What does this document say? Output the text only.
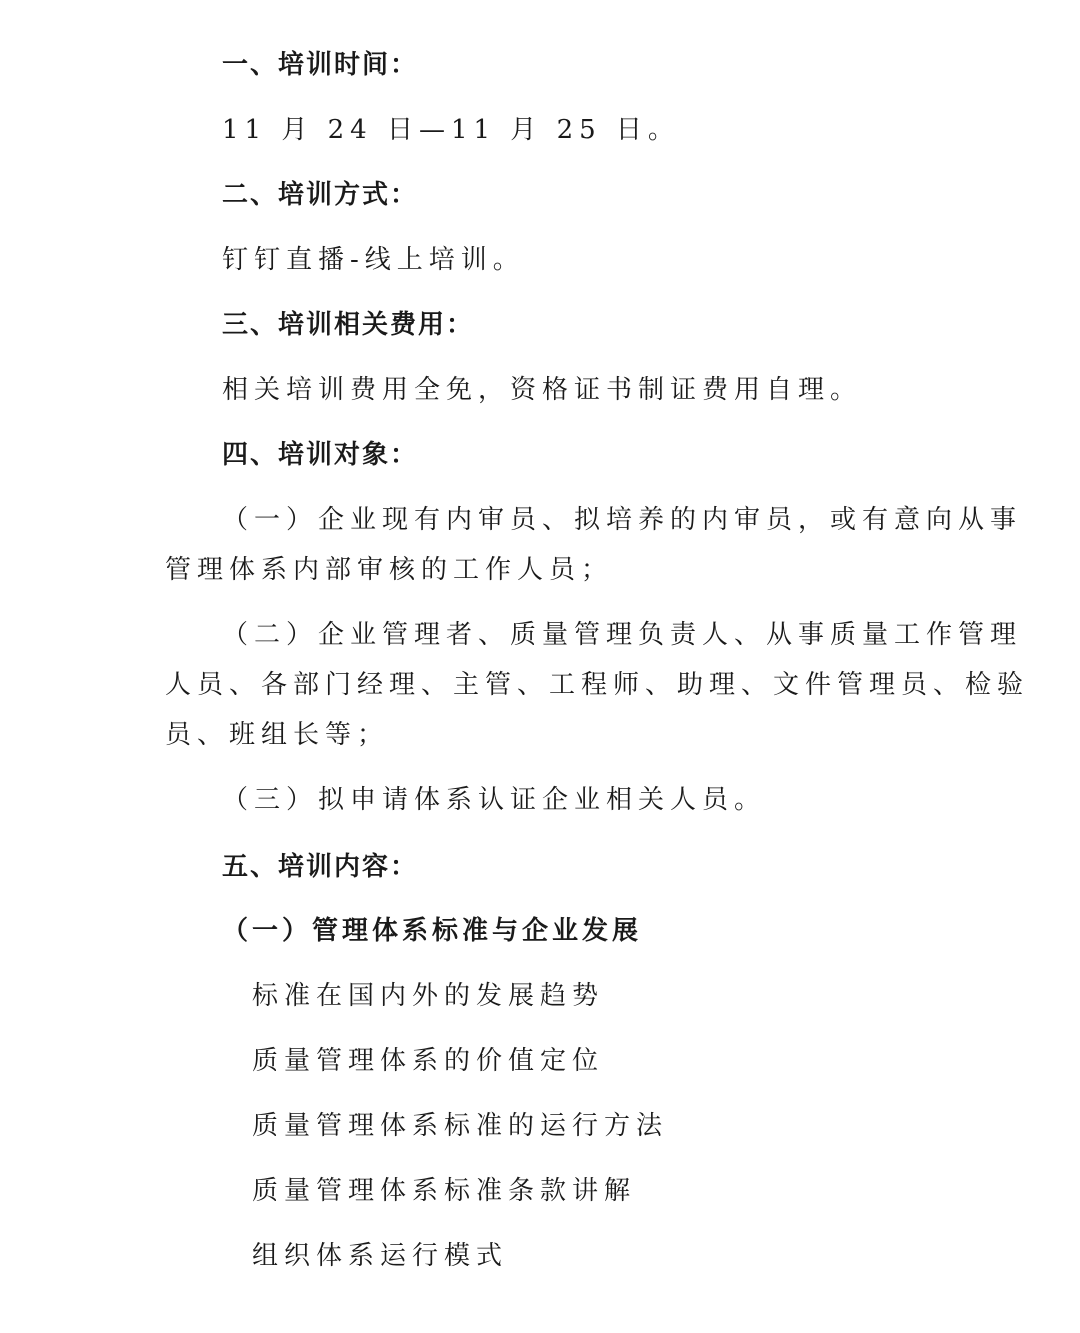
一、培训时间：
11 月 24 日—11 月 25 日。
二、培训方式：
钉钉直播-线上培训。
三、培训相关费用：
相关培训费用全免，资格证书制证费用自理。
四、培训对象：
（一）企业现有内审员、拟培养的内审员，或有意向从事
管理体系内部审核的工作人员；
（二）企业管理者、质量管理负责人、从事质量工作管理
人员、各部门经理、主管、工程师、助理、文件管理员、检验
员、班组长等；
（三）拟申请体系认证企业相关人员。
五、培训内容：
（一）管理体系标准与企业发展
标准在国内外的发展趋势
质量管理体系的价值定位
质量管理体系标准的运行方法
质量管理体系标准条款讲解
组织体系运行模式
